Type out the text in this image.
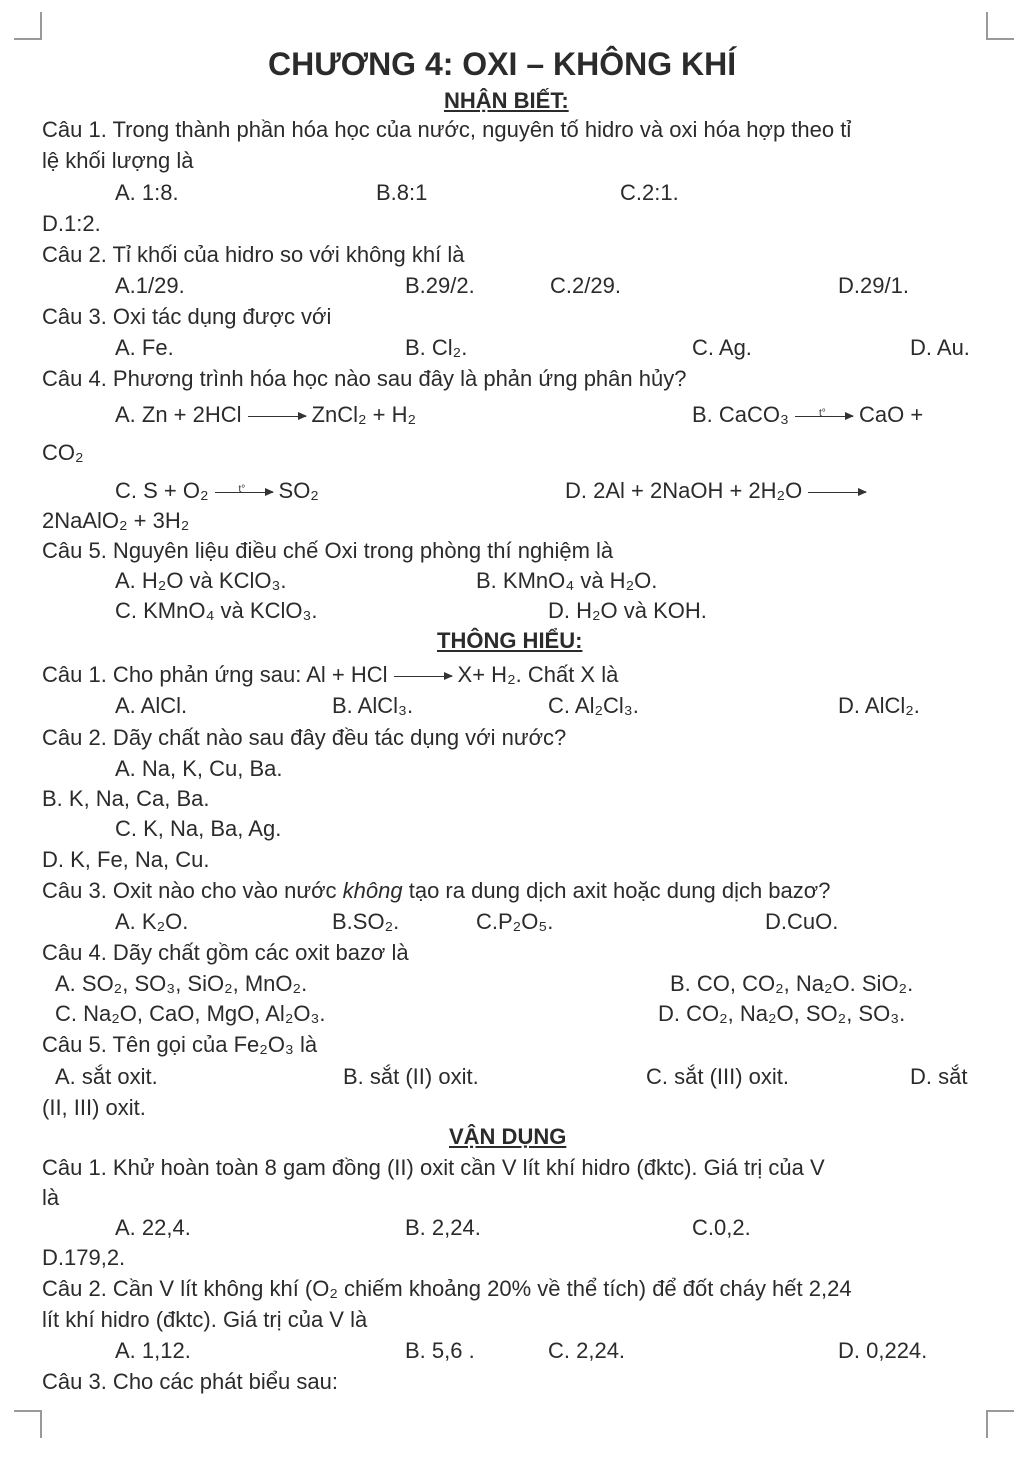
CHƯƠNG 4: OXI – KHÔNG KHÍ
NHẬN BIẾT:
Câu 1. Trong thành phần hóa học của nước, nguyên tố hidro và oxi hóa hợp theo tỉ
lệ khối lượng là
A. 1:8.	B.8:1	C.2:1.
D.1:2.
Câu 2. Tỉ khối của hidro so với không khí là
A.1/29.	B.29/2.	C.2/29.	D.29/1.
Câu 3. Oxi tác dụng được với
A. Fe.	B. Cl₂.	C. Ag.	D. Au.
Câu 4. Phương trình hóa học nào sau đây là phản ứng phân hủy?
A. Zn + 2HCl → ZnCl₂ + H₂	B. CaCO₃ t°	CaO +
CO₂
C. S + O₂ t°	SO₂	D. 2Al + 2NaOH + 2H₂O →
2NaAlO₂ + 3H₂
Câu 5. Nguyên liệu điều chế Oxi trong phòng thí nghiệm là
A. H₂O và KClO₃.	B. KMnO₄ và H₂O.
C. KMnO₄ và KClO₃.	D. H₂O và KOH.
THÔNG HIỂU:
Câu 1. Cho phản ứng sau: Al + HCl → X+ H₂. Chất X là
A. AlCl.	B. AlCl₃.	C. Al₂Cl₃.	D. AlCl₂.
Câu 2. Dãy chất nào sau đây đều tác dụng với nước?
A. Na, K, Cu, Ba.
B. K, Na, Ca, Ba.
C. K, Na, Ba, Ag.
D. K, Fe, Na, Cu.
Câu 3. Oxit nào cho vào nước không tạo ra dung dịch axit hoặc dung dịch bazơ?
A. K₂O.	B.SO₂.	C.P₂O₅.	D.CuO.
Câu 4. Dãy chất gồm các oxit bazơ là
A. SO₂, SO₃, SiO₂, MnO₂.	B. CO, CO₂, Na₂O. SiO₂.
C. Na₂O, CaO, MgO, Al₂O₃.	D. CO₂, Na₂O, SO₂, SO₃.
Câu 5. Tên gọi của Fe₂O₃ là
A. sắt oxit.	B. sắt (II) oxit.	C. sắt (III) oxit.	D. sắt
(II, III) oxit.
VẬN DỤNG
Câu 1. Khử hoàn toàn 8 gam đồng (II) oxit cần V lít khí hidro (đktc). Giá trị của V
là
A. 22,4.	B. 2,24.	C.0,2.
D.179,2.
Câu 2. Cần V lít không khí (O₂ chiếm khoảng 20% về thể tích) để đốt cháy hết 2,24
lít khí hidro (đktc). Giá trị của V là
A. 1,12.	B. 5,6 .	C. 2,24.	D. 0,224.
Câu 3. Cho các phát biểu sau:
